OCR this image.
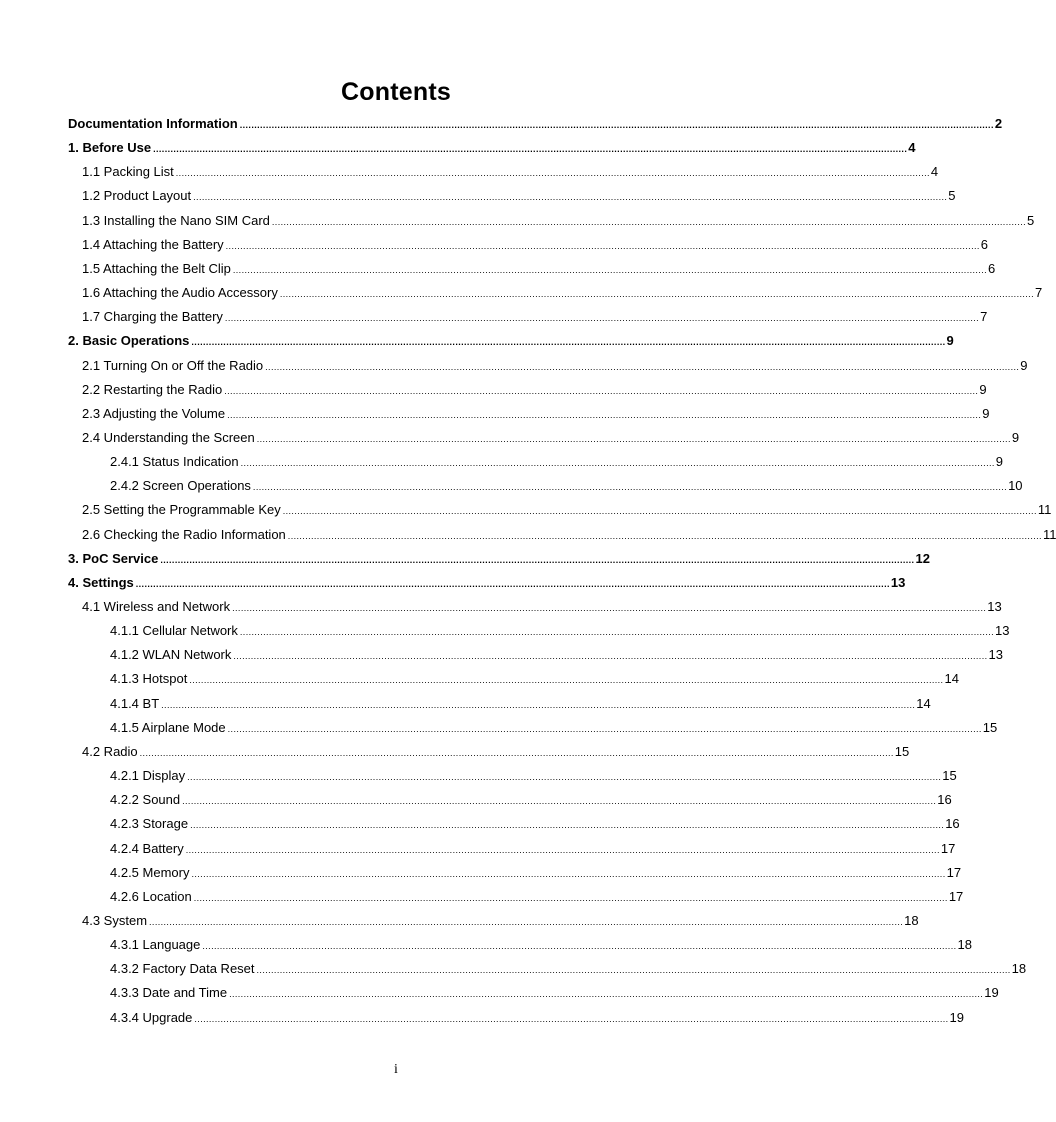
Contents
Documentation Information .................................................................................................................................................................................................................................................................... 2
1. Before Use .................................................................................................................................................................................................................................................................... 4
1.1 Packing List .................................................................................................................................................................................................................................................................... 4
1.2 Product Layout .................................................................................................................................................................................................................................................................... 5
1.3 Installing the Nano SIM Card .................................................................................................................................................................................................................................................................... 5
1.4 Attaching the Battery .................................................................................................................................................................................................................................................................... 6
1.5 Attaching the Belt Clip .................................................................................................................................................................................................................................................................... 6
1.6 Attaching the Audio Accessory .................................................................................................................................................................................................................................................................... 7
1.7 Charging the Battery .................................................................................................................................................................................................................................................................... 7
2. Basic Operations .................................................................................................................................................................................................................................................................... 9
2.1 Turning On or Off the Radio .................................................................................................................................................................................................................................................................... 9
2.2 Restarting the Radio .................................................................................................................................................................................................................................................................... 9
2.3 Adjusting the Volume .................................................................................................................................................................................................................................................................... 9
2.4 Understanding the Screen .................................................................................................................................................................................................................................................................... 9
2.4.1 Status Indication .................................................................................................................................................................................................................................................................... 9
2.4.2 Screen Operations .................................................................................................................................................................................................................................................................... 10
2.5 Setting the Programmable Key .................................................................................................................................................................................................................................................................... 11
2.6 Checking the Radio Information .................................................................................................................................................................................................................................................................... 11
3. PoC Service .................................................................................................................................................................................................................................................................... 12
4. Settings .................................................................................................................................................................................................................................................................... 13
4.1 Wireless and Network .................................................................................................................................................................................................................................................................... 13
4.1.1 Cellular Network .................................................................................................................................................................................................................................................................... 13
4.1.2 WLAN Network .................................................................................................................................................................................................................................................................... 13
4.1.3 Hotspot .................................................................................................................................................................................................................................................................... 14
4.1.4 BT .................................................................................................................................................................................................................................................................... 14
4.1.5 Airplane Mode .................................................................................................................................................................................................................................................................... 15
4.2 Radio .................................................................................................................................................................................................................................................................... 15
4.2.1 Display .................................................................................................................................................................................................................................................................... 15
4.2.2 Sound .................................................................................................................................................................................................................................................................... 16
4.2.3 Storage .................................................................................................................................................................................................................................................................... 16
4.2.4 Battery .................................................................................................................................................................................................................................................................... 17
4.2.5 Memory .................................................................................................................................................................................................................................................................... 17
4.2.6 Location .................................................................................................................................................................................................................................................................... 17
4.3 System .................................................................................................................................................................................................................................................................... 18
4.3.1 Language .................................................................................................................................................................................................................................................................... 18
4.3.2 Factory Data Reset .................................................................................................................................................................................................................................................................... 18
4.3.3 Date and Time .................................................................................................................................................................................................................................................................... 19
4.3.4 Upgrade .................................................................................................................................................................................................................................................................... 19
i
